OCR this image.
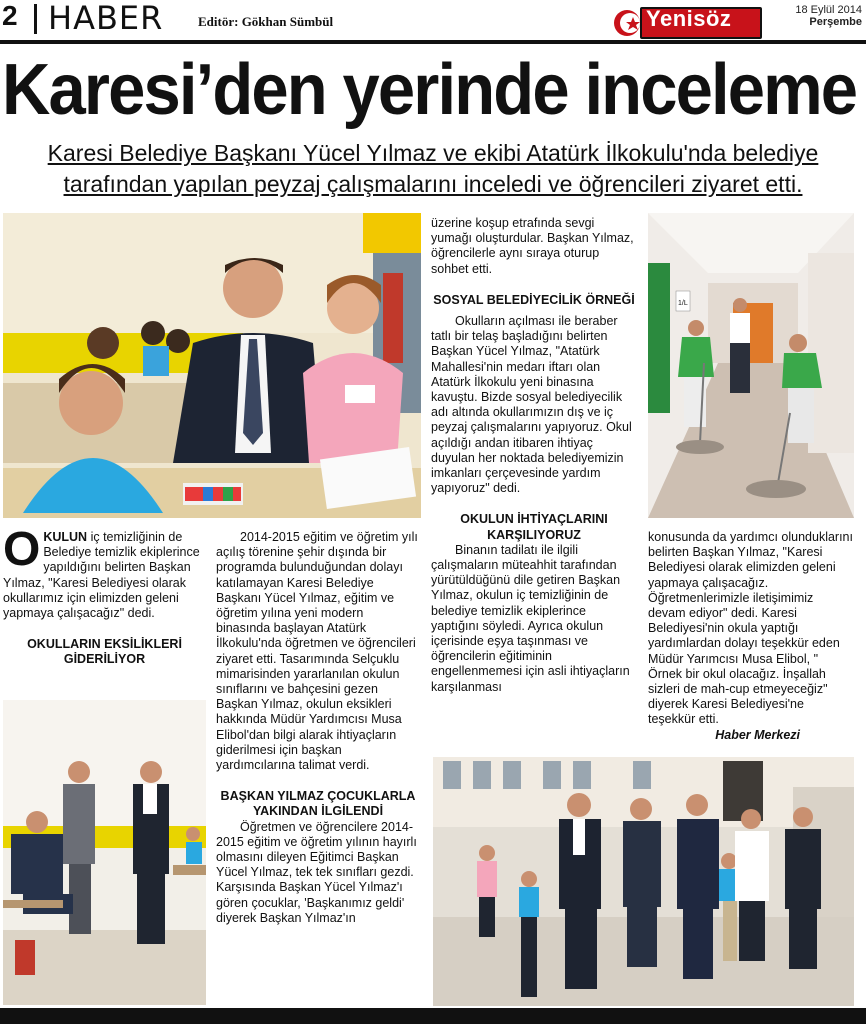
2 HABER	Editör: Gökhan Sümbül	Yenisöz	18 Eylül 2014
Perşembe
Karesi’den yerinde inceleme
Karesi Belediye Başkanı Yücel Yılmaz ve ekibi Atatürk İlkokulu'nda belediye
tarafından yapılan peyzaj çalışmalarını inceledi ve öğrencileri ziyaret etti.
1/L

OKULUN iç temizliğinin de Belediye temizlik ekiplerince yapıldığını belirten Başkan Yılmaz, "Karesi Belediyesi olarak okullarımız için elimizden geleni yapmaya çalışacağız" dedi.

OKULLARIN EKSİLİKLERİ GİDERİLİYOR

2014-2015 eğitim ve öğretim yılı açılış törenine şehir dışında bir programda bulunduğundan dolayı katılamayan Karesi Belediye Başkanı Yücel Yılmaz, eğitim ve öğretim yılına yeni modern binasında başlayan Atatürk İlkokulu'nda öğretmen ve öğrencileri ziyaret etti. Tasarımında Selçuklu mimarisinden yararlanılan okulun sınıflarını ve bahçesini gezen Başkan Yılmaz, okulun eksikleri hakkında Müdür Yardımcısı Musa Elibol'dan bilgi alarak ihtiyaçların giderilmesi için başkan yardımcılarına talimat verdi.

BAŞKAN YILMAZ ÇOCUKLARLA YAKINDAN İLGİLENDİ

Öğretmen ve öğrencilere 2014-2015 eğitim ve öğretim yılının hayırlı olmasını dileyen Eğitimci Başkan Yücel Yılmaz, tek tek sınıfları gezdi. Karşısında Başkan Yücel Yılmaz'ı gören çocuklar, 'Başkanımız geldi' diyerek Başkan Yılmaz'ın

üzerine koşup etrafında sevgi yumağı oluşturdular. Başkan Yılmaz, öğrencilerle aynı sıraya oturup sohbet etti.

SOSYAL BELEDİYECİLİK ÖRNEĞİ

Okulların açılması ile beraber tatlı bir telaş başladığını belirten Başkan Yücel Yılmaz, "Atatürk Mahallesi'nin medarı iftarı olan Atatürk İlkokulu yeni binasına kavuştu. Bizde sosyal belediyecilik adı altında okullarımızın dış ve iç peyzaj çalışmalarını yapıyoruz. Okul açıldığı andan itibaren ihtiyaç duyulan her noktada belediyemizin imkanları çerçevesinde yardım yapıyoruz" dedi.

OKULUN İHTİYAÇLARINI KARŞILIYORUZ

Binanın tadilatı ile ilgili çalışmaların müteahhit tarafından yürütüldüğünü dile getiren Başkan Yılmaz, okulun iç temizliğinin de belediye temizlik ekiplerince yaptığını söyledi. Ayrıca okulun içerisinde eşya taşınması ve öğrencilerin eğitiminin engellenmemesi için asli ihtiyaçların karşılanması

konusunda da yardımcı olunduklarını belirten Başkan Yılmaz, "Karesi Belediyesi olarak elimizden geleni yapmaya çalışacağız. Öğretmenlerimizle iletişimimiz devam ediyor" dedi. Karesi Belediyesi'nin okula yaptığı yardımlardan dolayı teşekkür eden Müdür Yarımcısı Musa Elibol, " Örnek bir okul olacağız. İnşallah sizleri de mah-cup etmeyeceğiz" diyerek Karesi Belediyesi'ne teşekkür etti.

Haber Merkezi
